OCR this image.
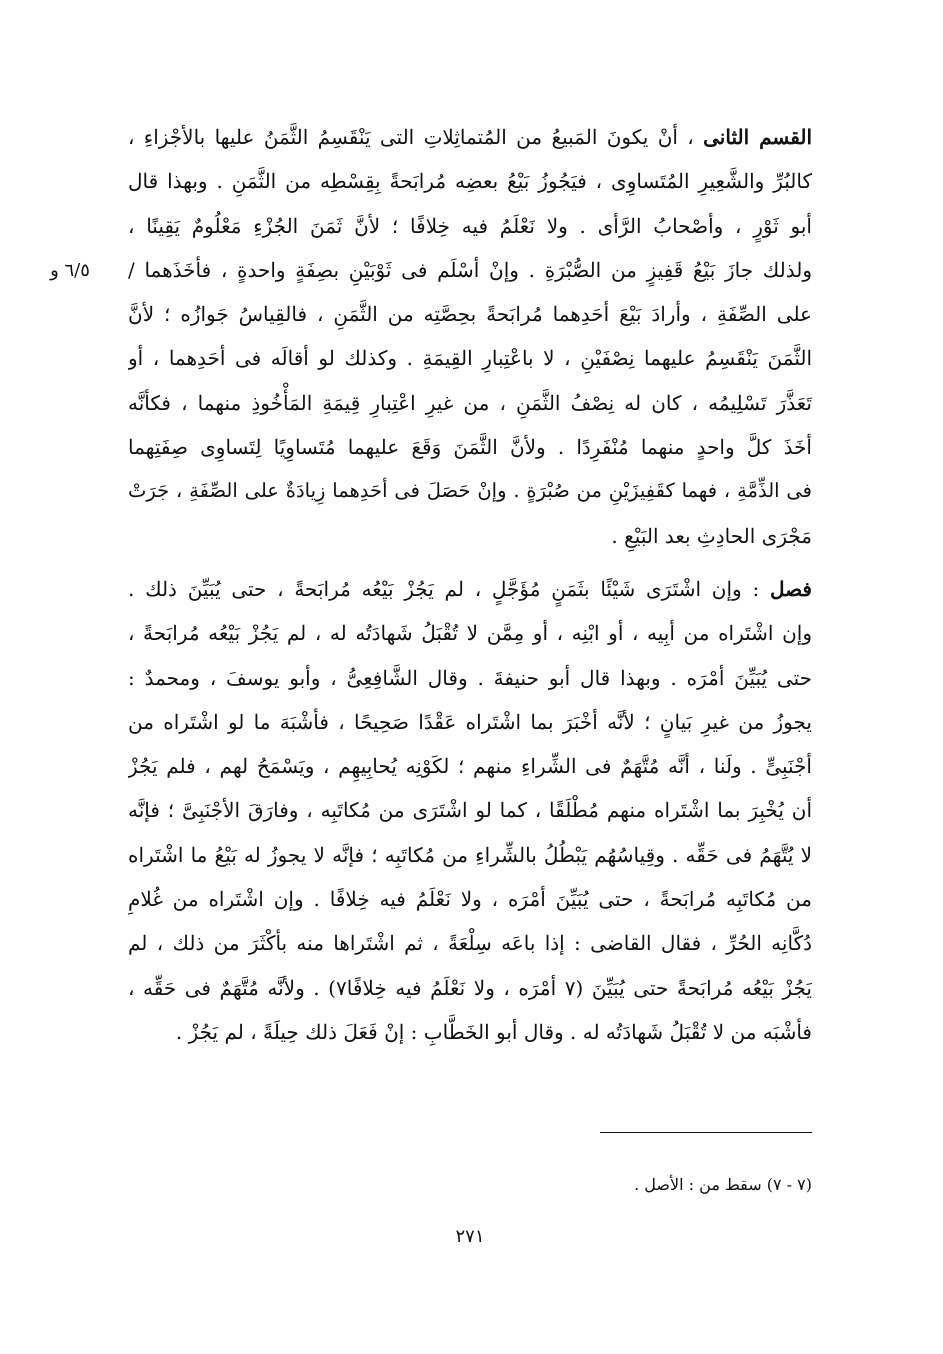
٦/٥ و
القسم الثانى ، أنْ يكونَ المَبيعُ من المُتماثِلاتِ التى يَنْقَسِمُ الثَّمَنُ عليها بالأجْزاءِ ،
كالبُرِّ والشَّعِيرِ المُتَساوِى ، فيَجُوزُ بَيْعُ بعضِه مُرابَحةً بِقِسْطِه من الثَّمَنِ . وبهذا قال
أبو ثَوْرٍ ، وأصْحابُ الرَّأى . ولا نَعْلَمُ فيه خِلافًا ؛ لأنَّ ثَمَنَ الجُزْءِ مَعْلُومٌ يَقِينًا ،
ولذلك جازَ بَيْعُ قَفِيزٍ من الصُّبْرَةِ . وإنْ أسْلَم فى ثَوْبَيْنِ بصِفَةٍ واحدةٍ ، فأخَذَهما /
على الصِّفَةِ ، وأرادَ بَيْعَ أحَدِهما مُرابَحةً بحِصَّتِه من الثَّمَنِ ، فالقِياسُ جَوازُه ؛ لأنَّ
الثَّمَنَ يَنْقَسِمُ عليهما نِصْفَيْنِ ، لا باعْتِبارِ القِيمَةِ . وكذلك لو أقالَه فى أحَدِهما ، أو
تَعَذَّرَ تَسْلِيمُه ، كان له نِصْفُ الثَّمَنِ ، من غيرِ اعْتِبارِ قِيمَةِ المَأْخُوذِ منهما ، فكأنَّه
أخَذَ كلَّ واحدٍ منهما مُنْفَرِدًا . ولأنَّ الثَّمَنَ وَقَعَ عليهما مُتَساوِيًا لِتَساوِى صِفَتِهما
فى الذِّمَّةِ ، فهما كقَفِيزَيْنِ من صُبْرَةٍ . وإنْ حَصَلَ فى أحَدِهما زِيادَةٌ على الصِّفَةِ ، جَرَتْ
مَجْرَى الحادِثِ بعد البَيْعِ .
فصل : وإن اشْتَرَى شَيْئًا بثَمَنٍ مُؤَجَّلٍ ، لم يَجُزْ بَيْعُه مُرابَحةً ، حتى يُبَيِّنَ ذلك .
وإن اشْتَراه من أبِيه ، أو ابْنِه ، أو مِمَّن لا تُقْبَلُ شَهادَتُه له ، لم يَجُزْ بَيْعُه مُرابَحةً ،
حتى يُبَيِّنَ أمْرَه . وبهذا قال أبو حنيفةَ . وقال الشَّافِعِىُّ ، وأبو يوسفَ ، ومحمدٌ :
يجوزُ من غيرِ بَيانٍ ؛ لأنَّه أخْبَرَ بما اشْتَراه عَقْدًا صَحِيحًا ، فأشْبَهَ ما لو اشْتَراه من
أجْنَبِىٍّ . ولَنا ، أنَّه مُتَّهَمٌ فى الشِّراءِ منهم ؛ لكَوْنِه يُحابِيهِم ، ويَسْمَحُ لهم ، فلم يَجُزْ
أن يُخْبِرَ بما اشْتَراه منهم مُطْلَقًا ، كما لو اشْتَرَى من مُكاتَبِه ، وفارَقَ الأجْنَبِىَّ ؛ فإنَّه
لا يُتَّهَمُ فى حَقِّه . وقِياسُهُم يَبْطُلُ بالشِّراءِ من مُكاتَبِه ؛ فإنَّه لا يجوزُ له بَيْعُ ما اشْتَراه
من مُكاتَبِه مُرابَحةً ، حتى يُبَيِّنَ أمْرَه ، ولا نَعْلَمُ فيه خِلافًا . وإن اشْتَراه من غُلامِ
دُكَّانِه الحُرِّ ، فقال القاضى : إذا باعَه سِلْعَةً ، ثم اشْتَراها منه بأكْثَرَ من ذلك ، لم
يَجُزْ بَيْعُه مُرابَحةً حتى يُبَيِّنَ (٧ أمْرَه ، ولا نَعْلَمُ فيه خِلافًا٧) . ولأنَّه مُتَّهَمٌ فى حَقِّه ،
فأشْبَه من لا تُقْبَلُ شَهادَتُه له . وقال أبو الخَطَّابِ : إنْ فَعَلَ ذلك حِيلَةً ، لم يَجُزْ .
(٧ - ٧) سقط من : الأصل .
٢٧١
